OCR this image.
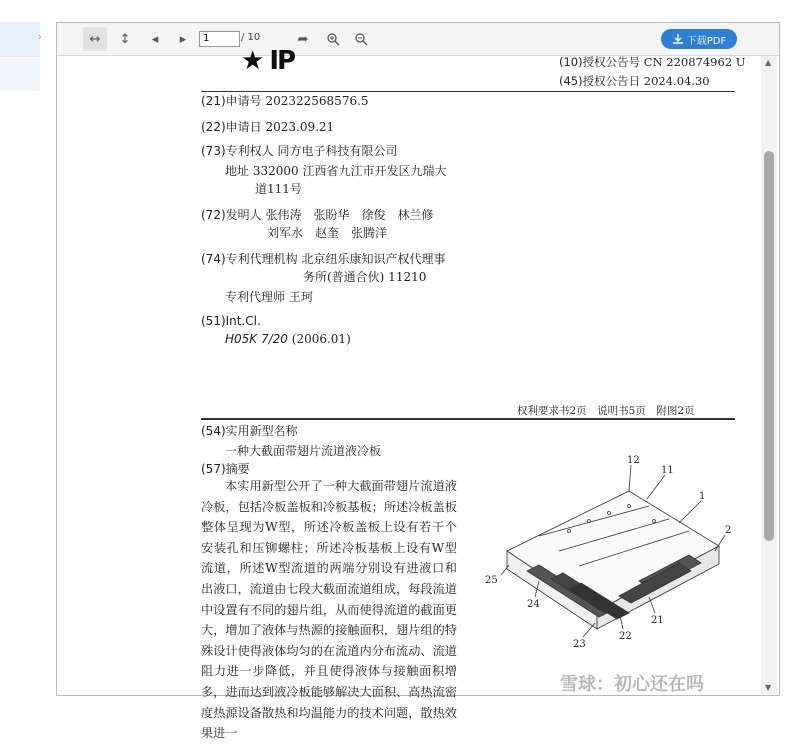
›	↔	↕	◂	▸
1	/ 10	➦	下载PDF
★ IP	(10)授权公告号 CN 220874962 U
(45)授权公告日 2024.04.30
(21)申请号 202322568576.5
(22)申请日 2023.09.21
(73)专利权人 同方电子科技有限公司
地址 332000 江西省九江市开发区九瑞大
道111号
(72)发明人 张伟涛　张盼华　徐俊　林兰修
刘军水　赵奎　张腾洋
(74)专利代理机构 北京纽乐康知识产权代理事
务所(普通合伙) 11210
专利代理师 王珂
(51)Int.Cl.
H05K 7/20 (2006.01)
权利要求书2页　说明书5页　附图2页
(54)实用新型名称
一种大截面带翅片流道液冷板
(57)摘要
本实用新型公开了一种大截面带翅片流道液冷板，包括冷板盖板和冷板基板；所述冷板盖板整体呈现为W型，所述冷板盖板上设有若干个安装孔和压铆螺柱；所述冷板基板上设有W型流道，所述W型流道的两端分别设有进液口和出液口，流道由七段大截面流道组成，每段流道中设置有不同的翅片组，从而使得流道的截面更大，增加了液体与热源的接触面积，翅片组的特殊设计使得液体均匀的在流道内分布流动、流道阻力进一步降低，并且使得液体与接触面积增多，进而达到液冷板能够解决大面积、高热流密度热源设备散热和均温能力的技术问题，散热效果进一
12
11
1
2
25
24
23
22
21
▲
▼
雪球：初心还在吗
